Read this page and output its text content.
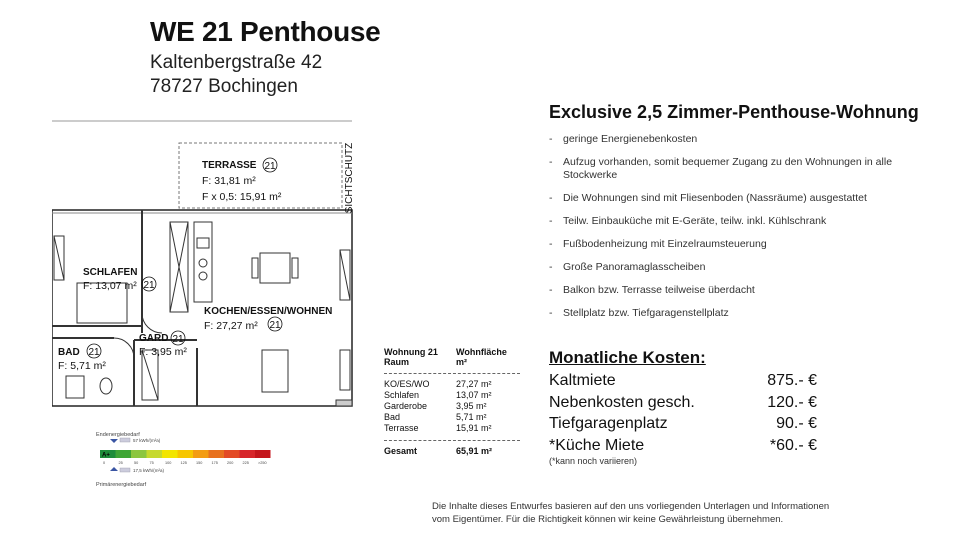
WE 21 Penthouse
Kaltenbergstraße 42
78727 Bochingen
SICHTSCHUTZ
TERRASSE 21
F: 31,81 m²
F x 0,5: 15,91 m²
SCHLAFEN
F: 13,07 m² 21
KOCHEN/ESSEN/WOHNEN
F: 27,27 m² 21
GARD 21
F: 3,95 m²
BAD 21
F: 5,71 m²
Wohnung 21
Raum
Wohnfläche
m²
KO/ES/WO	27,27 m²
Schlafen	13,07 m²
Garderobe	3,95 m²
Bad	5,71 m²
Terrasse	15,91 m²
Gesamt	65,91 m²
Endenergiebedarf
57 kWh/(m²a)
A+
0	25	50	75	100 125 150 175 200 225 >250
17,5 kWh/(m²a)
Primärenergiebedarf
Exclusive 2,5 Zimmer-Penthouse-Wohnung
- geringe Energienebenkosten
- Aufzug vorhanden, somit bequemer Zugang zu den Wohnungen in alle Stockwerke
- Die Wohnungen sind mit Fliesenboden (Nassräume) ausgestattet
- Teilw. Einbauküche mit E-Geräte, teilw. inkl. Kühlschrank
- Fußbodenheizung mit Einzelraumsteuerung
- Große Panoramaglasscheiben
- Balkon bzw. Terrasse teilweise überdacht
- Stellplatz bzw. Tiefgaragenstellplatz
Monatliche Kosten:
Kaltmiete	875.- €
Nebenkosten gesch.	120.- €
Tiefgaragenplatz	90.- €
*Küche Miete	*60.- €
(*kann noch variieren)
Die Inhalte dieses Entwurfes basieren auf den uns vorliegenden Unterlagen und Informationen
vom Eigentümer. Für die Richtigkeit können wir keine Gewährleistung übernehmen.
